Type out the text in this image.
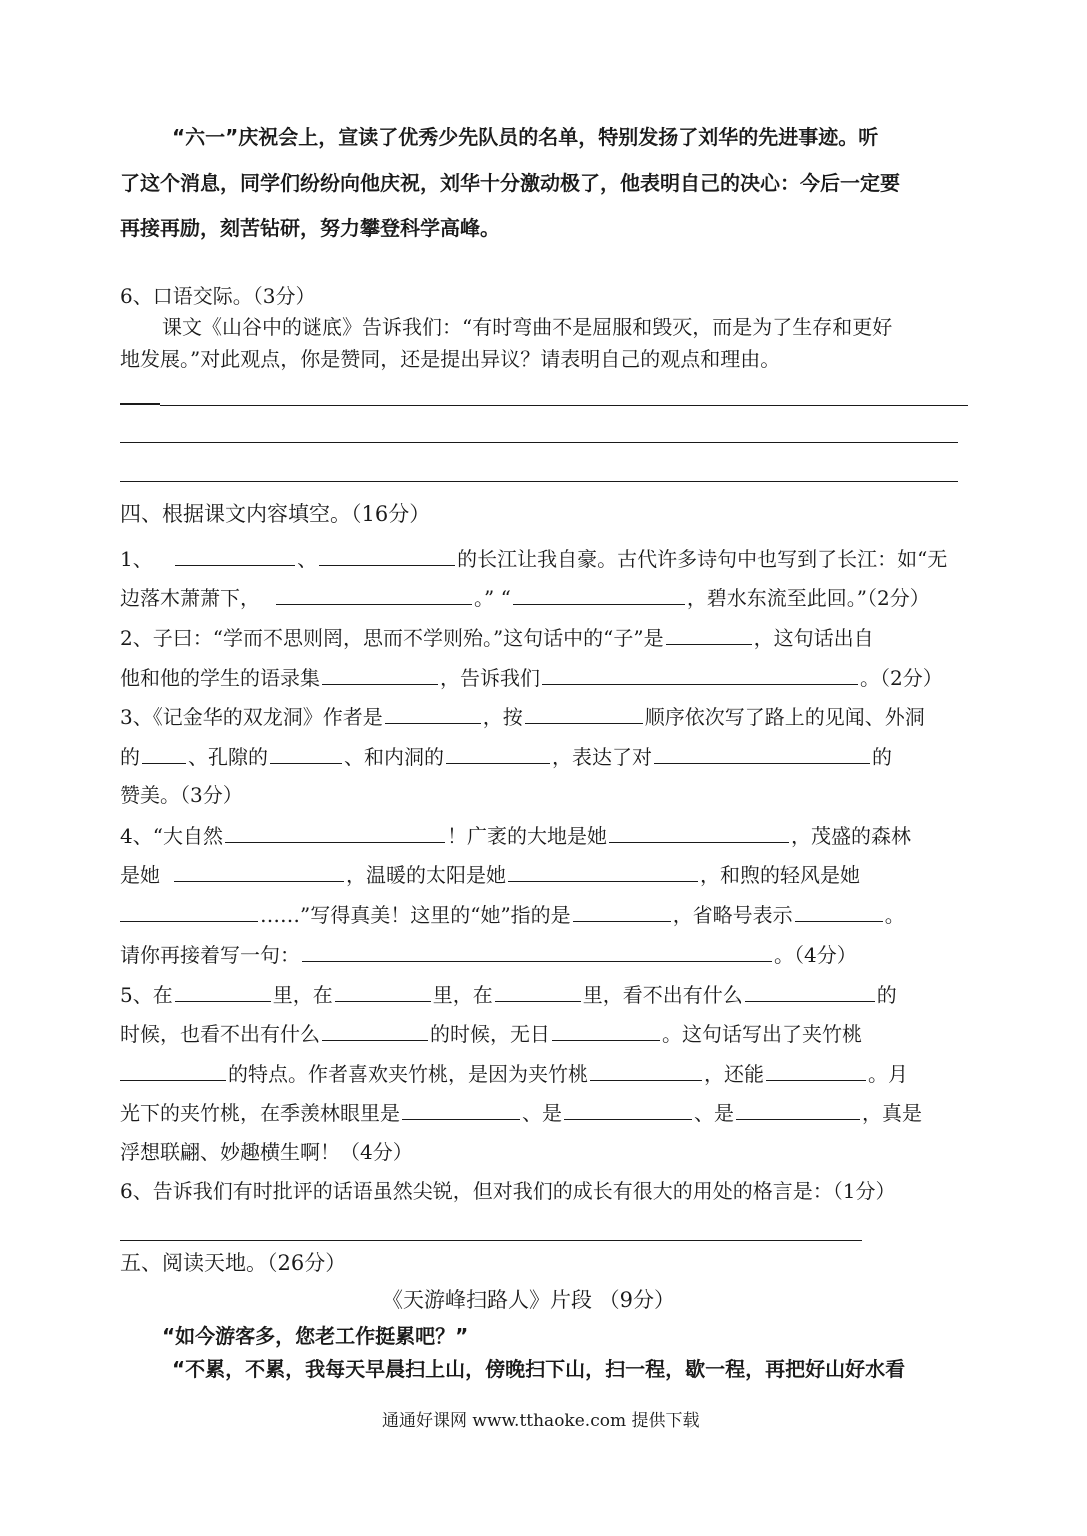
“六一”庆祝会上，宣读了优秀少先队员的名单，特别发扬了刘华的先进事迹。听
了这个消息，同学们纷纷向他庆祝，刘华十分激动极了，他表明自己的决心：今后一定要
再接再励，刻苦钻研，努力攀登科学高峰。
6、口语交际。（3分）
课文《山谷中的谜底》告诉我们：“有时弯曲不是屈服和毁灭，而是为了生存和更好
地发展。”对此观点，你是赞同，还是提出异议？请表明自己的观点和理由。
四、根据课文内容填空。（16分）
1、	、	的长江让我自豪。古代许多诗句中也写到了长江：如“无
边落木萧萧下，	。” “	，碧水东流至此回。”（2分）
2、子曰：“学而不思则罔，思而不学则殆。”这句话中的“子”是	，这句话出自
他和他的学生的语录集	，告诉我们	。（2分）
3、《记金华的双龙洞》作者是	，按	顺序依次写了路上的见闻、外洞
的 、孔隙的	、和内洞的	，表达了对	的
赞美。（3分）
4、“大自然	！广袤的大地是她	，茂盛的森林
是她	，温暖的太阳是她	，和煦的轻风是她
……”写得真美！这里的“她”指的是	，省略号表示	。
请你再接着写一句：	。（4分）
5、在	里，在	里，在	里，看不出有什么	的
时候，也看不出有什么	的时候，无日	。这句话写出了夹竹桃
的特点。作者喜欢夹竹桃，是因为夹竹桃	，还能	。月
光下的夹竹桃，在季羡林眼里是	、是	、是	，真是
浮想联翩、妙趣横生啊！（4分）
6、告诉我们有时批评的话语虽然尖锐，但对我们的成长有很大的用处的格言是：（1分）
五、阅读天地。（26分）
《天游峰扫路人》片段 （9分）
“如今游客多，您老工作挺累吧？”
“不累，不累，我每天早晨扫上山，傍晚扫下山，扫一程，歇一程，再把好山好水看
通通好课网 www.tthaoke.com 提供下载
